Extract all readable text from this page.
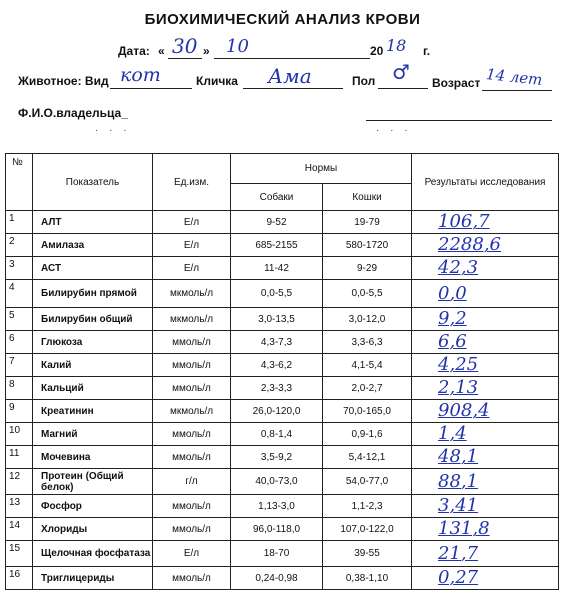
БИОХИМИЧЕСКИЙ АНАЛИЗ КРОВИ
Дата: « 30 » 10	20 18 г.
Животное: Вид кот	Кличка Ама	Пол ♂ Возраст 14 лет
Ф.И.О.владельца_
· · ·	· · ·
№	Показатель	Ед.изм.	Нормы		Результаты исследования
			Собаки	Кошки	
1	АЛТ	Е/л	9-52	19-79	106,7
2	Амилаза	Е/л	685-2155	580-1720	2288,6
3	АСТ	Е/л	11-42	9-29	42,3
4	Билирубин прямой	мкмоль/л	0,0-5,5	0,0-5,5	0,0
5	Билирубин общий	мкмоль/л	3,0-13,5	3,0-12,0	9,2
6	Глюкоза	ммоль/л	4,3-7,3	3,3-6,3	6,6
7	Калий	ммоль/л	4,3-6,2	4,1-5,4	4,25
8	Кальций	ммоль/л	2,3-3,3	2,0-2,7	2,13
9	Креатинин	мкмоль/л	26,0-120,0	70,0-165,0	908,4
10	Магний	ммоль/л	0,8-1,4	0,9-1,6	1,4
11	Мочевина	ммоль/л	3,5-9,2	5,4-12,1	48,1
12	Протеин (Общий белок)	г/л	40,0-73,0	54,0-77,0	88,1
13	Фосфор	ммоль/л	1,13-3,0	1,1-2,3	3,41
14	Хлориды	ммоль/л	96,0-118,0	107,0-122,0	131,8
15	Щелочная фосфатаза	Е/л	18-70	39-55	21,7
16	Триглицериды	ммоль/л	0,24-0,98	0,38-1,10	0,27
